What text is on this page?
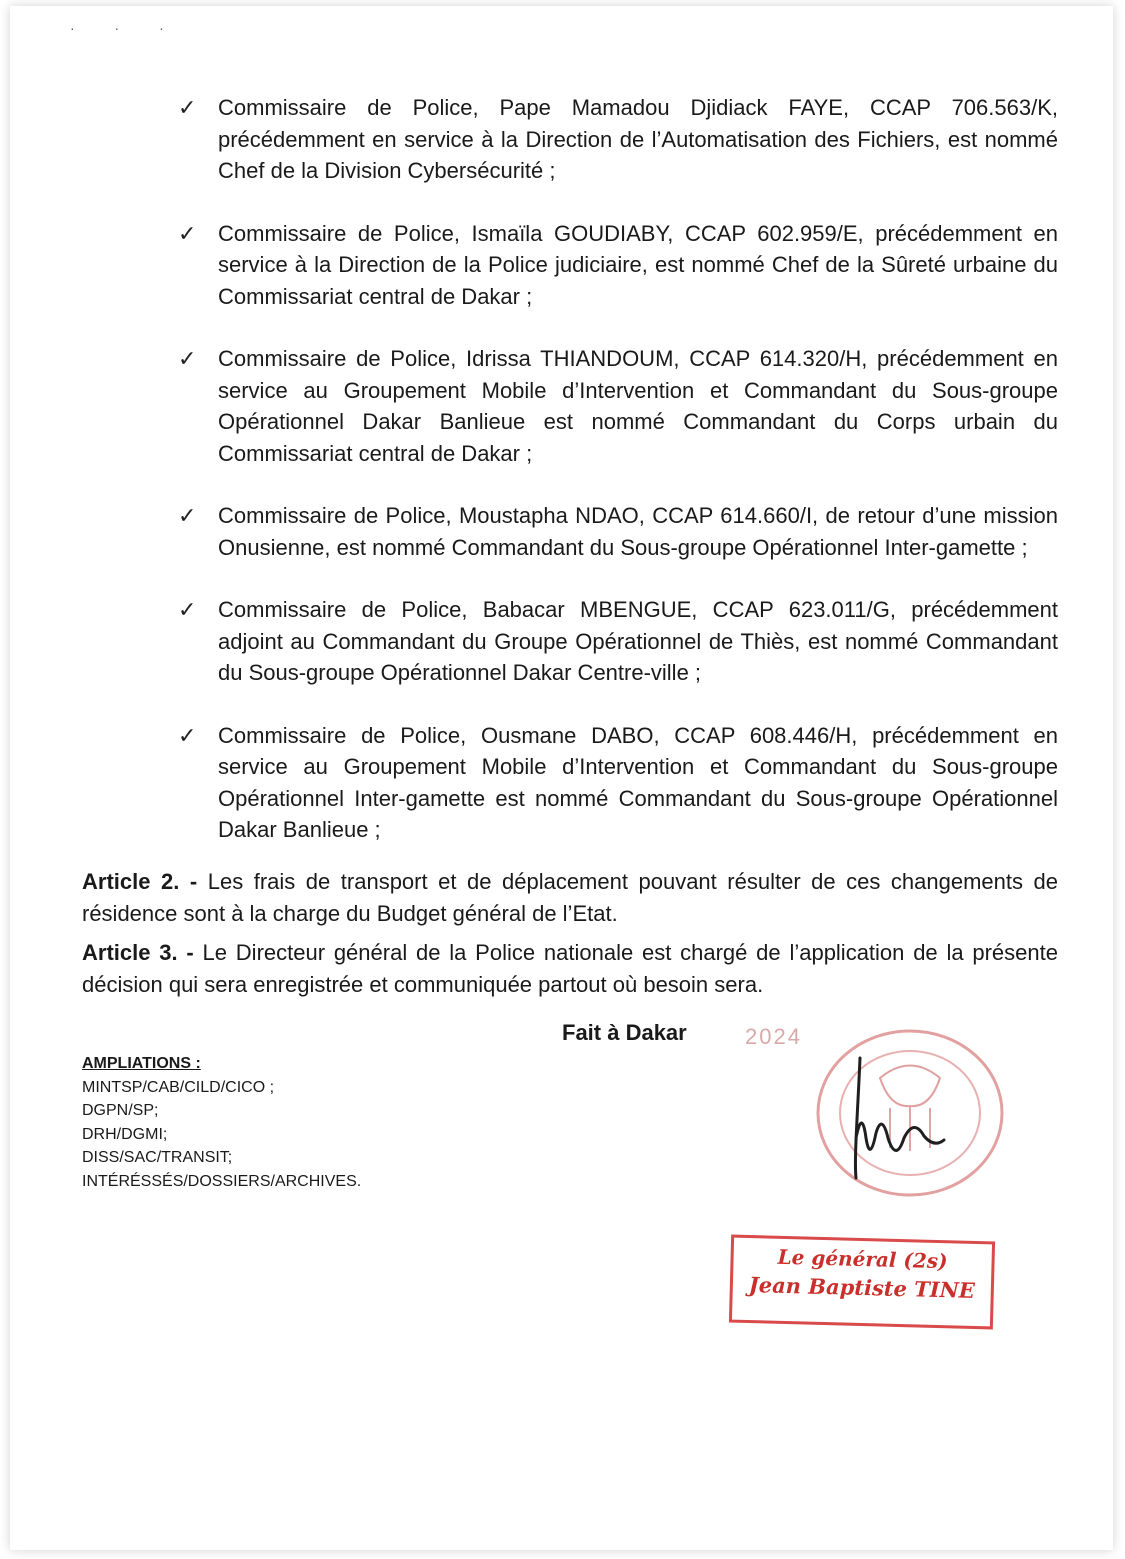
· · ·
✓ Commissaire de Police, Pape Mamadou Djidiack FAYE, CCAP 706.563/K, précédemment en service à la Direction de l’Automatisation des Fichiers, est nommé Chef de la Division Cybersécurité ;
✓ Commissaire de Police, Ismaïla GOUDIABY, CCAP 602.959/E, précédemment en service à la Direction de la Police judiciaire, est nommé Chef de la Sûreté urbaine du Commissariat central de Dakar ;
✓ Commissaire de Police, Idrissa THIANDOUM, CCAP 614.320/H, précédemment en service au Groupement Mobile d’Intervention et Commandant du Sous-groupe Opérationnel Dakar Banlieue est nommé Commandant du Corps urbain du Commissariat central de Dakar ;
✓ Commissaire de Police, Moustapha NDAO, CCAP 614.660/I, de retour d’une mission Onusienne, est nommé Commandant du Sous-groupe Opérationnel Inter-gamette ;
✓ Commissaire de Police, Babacar MBENGUE, CCAP 623.011/G, précédemment adjoint au Commandant du Groupe Opérationnel de Thiès, est nommé Commandant du Sous-groupe Opérationnel Dakar Centre-ville ;
✓ Commissaire de Police, Ousmane DABO, CCAP 608.446/H, précédemment en service au Groupement Mobile d’Intervention et Commandant du Sous-groupe Opérationnel Inter-gamette est nommé Commandant du Sous-groupe Opérationnel Dakar Banlieue ;
Article 2. - Les frais de transport et de déplacement pouvant résulter de ces changements de résidence sont à la charge du Budget général de l’Etat.
Article 3. - Le Directeur général de la Police nationale est chargé de l’application de la présente décision qui sera enregistrée et communiquée partout où besoin sera.
Fait à Dakar	2024
AMPLIATIONS :
MINTSP/CAB/CILD/CICO ;
DGPN/SP;
DRH/DGMI;
DISS/SAC/TRANSIT;
INTÉRÉSSÉS/DOSSIERS/ARCHIVES.
Le général (2s)
Jean Baptiste TINE
